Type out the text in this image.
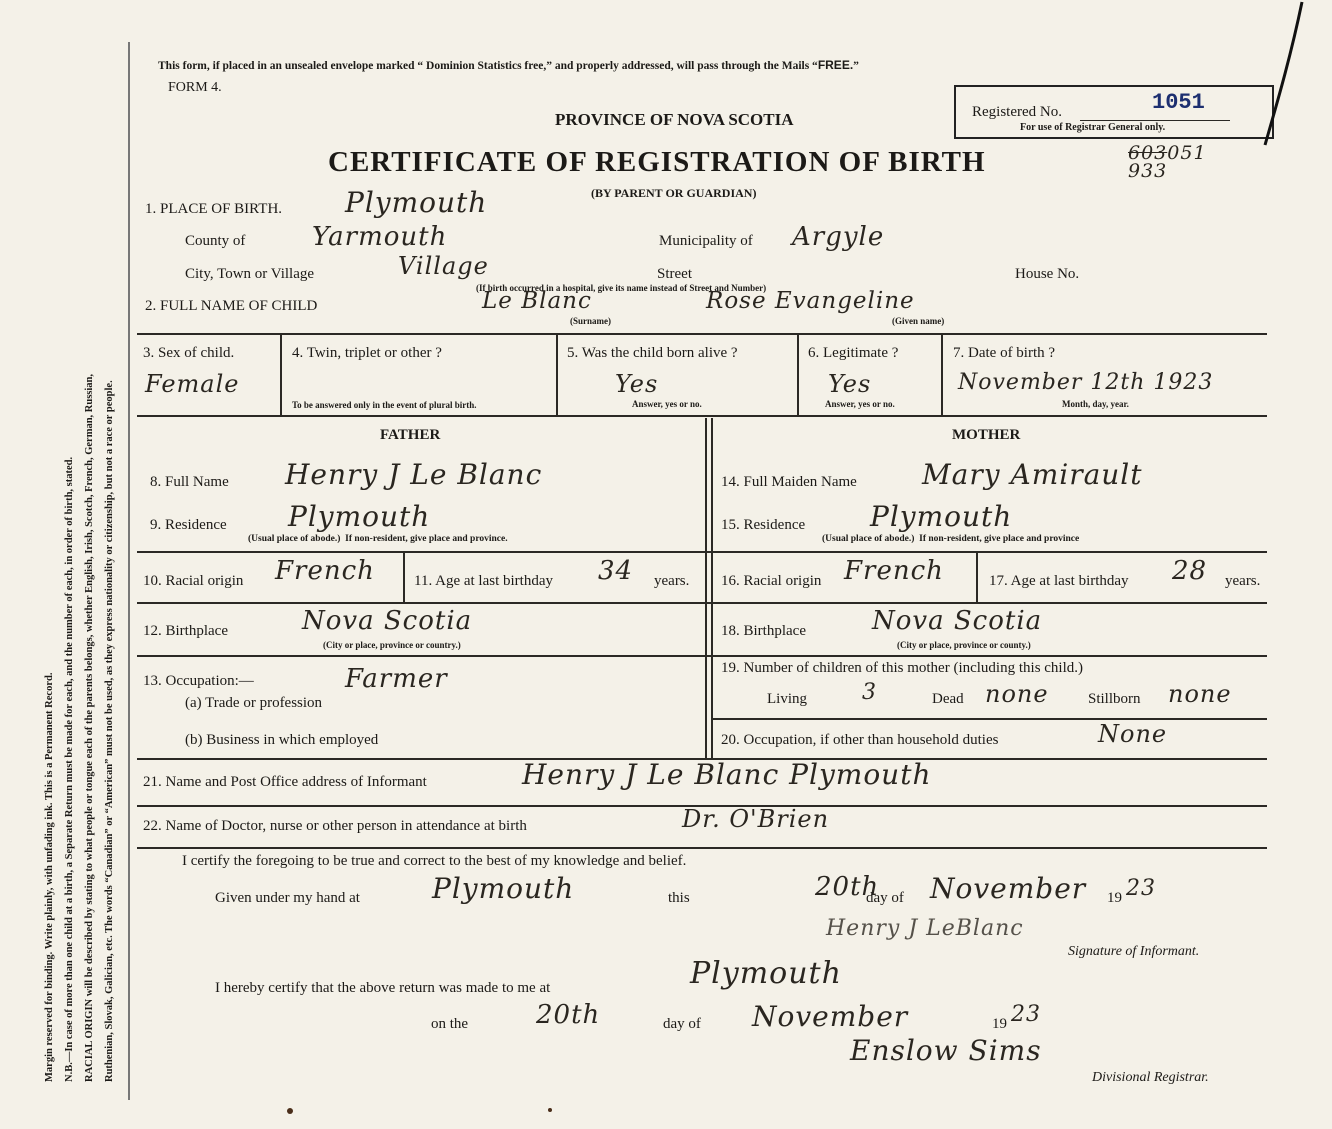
Margin reserved for binding. Write plainly, with unfading ink. This is a Permanent Record. N.B.—In case of more than one child at a birth, a Separate Return must be made for each, and the number of each, in order of birth, stated. RACIAL ORIGIN will be described by stating to what people or tongue each of the parents belongs, whether English, Irish, Scotch, French, German, Russian, Ruthenian, Slovak, Galician, etc. The words “Canadian” or “American” must not be used, as they express nationality or citizenship, but not a race or people.
This form, if placed in an unsealed envelope marked “ Dominion Statistics free,” and properly addressed, will pass through the Mails “FREE.”
FORM 4.
PROVINCE OF NOVA SCOTIA
CERTIFICATE OF REGISTRATION OF BIRTH
(BY PARENT OR GUARDIAN)
Registered No.	1051
For use of Registrar General only.
603051
933
1. PLACE OF BIRTH. Plymouth
County of	Yarmouth	Municipality of Argyle
City, Town or Village	Village	Street	House No.
(If birth occurred in a hospital, give its name instead of Street and Number)
2. FULL NAME OF CHILD	Le Blanc	Rose Evangeline
(Surname)	(Given name)
3. Sex of child.
Female
4. Twin, triplet or other ?
To be answered only in the event of plural birth.
5. Was the child born alive ?
Yes
Answer, yes or no.
6. Legitimate ?
Yes
Answer, yes or no.
7. Date of birth ?
November 12th 1923
Month, day, year.
FATHER	MOTHER
8. Full Name Henry J Le Blanc
9. Residence Plymouth
(Usual place of abode.) If non-resident, give place and province.
10. Racial origin French	11. Age at last birthday 34 years.
12. Birthplace	Nova Scotia
(City or place, province or country.)
13. Occupation:—	Farmer
(a) Trade or profession
(b) Business in which employed
14. Full Maiden Name Mary Amirault
15. Residence Plymouth
(Usual place of abode.) If non-resident, give place and province
16. Racial origin French	17. Age at last birthday 28 years.
18. Birthplace	Nova Scotia
(City or place, province or county.)
19. Number of children of this mother (including this child.)
Living	3	Dead none	Stillborn none
20. Occupation, if other than household duties	None
21. Name and Post Office address of Informant	Henry J Le Blanc Plymouth
22. Name of Doctor, nurse or other person in attendance at birth	Dr. O'Brien
I certify the foregoing to be true and correct to the best of my knowledge and belief.
Given under my hand at	Plymouth	this	20th
day of November 19 23
Henry J LeBlanc
Signature of Informant.
I hereby certify that the above return was made to me at	Plymouth
on the	20th	day of November	19 23
Enslow Sims
Divisional Registrar.
